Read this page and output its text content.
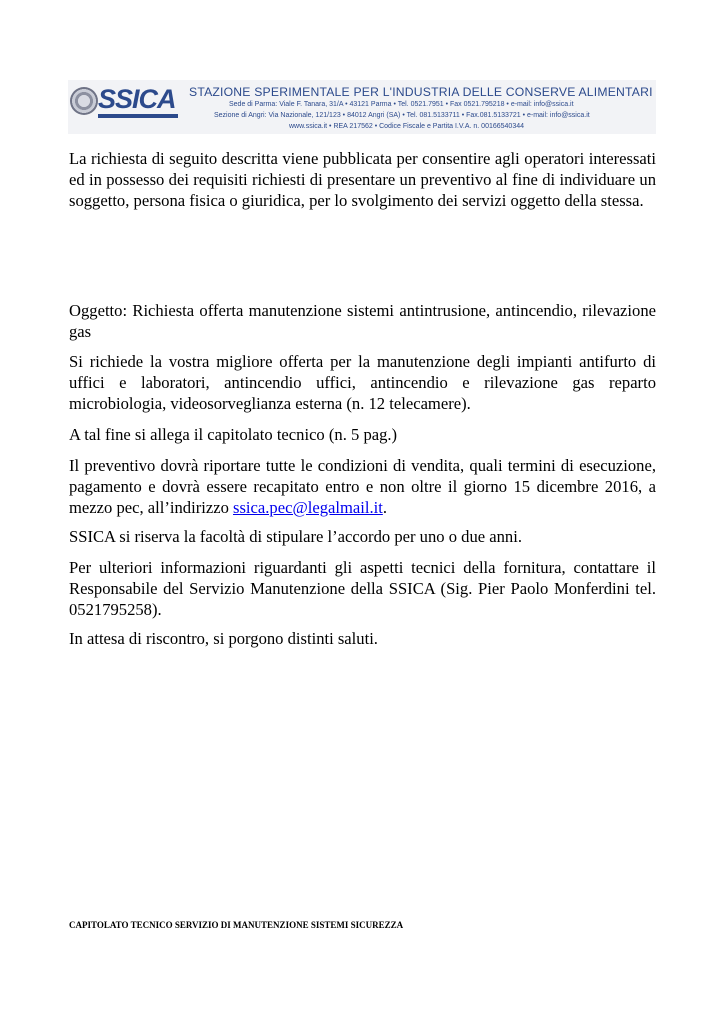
SSICA STAZIONE SPERIMENTALE PER L'INDUSTRIA DELLE CONSERVE ALIMENTARI
Sede di Parma: Viale F. Tanara, 31/A • 43121 Parma • Tel. 0521.7951 • Fax 0521.795218 • e-mail: info@ssica.it
Sezione di Angri: Via Nazionale, 121/123 • 84012 Angri (SA) • Tel. 081.5133711 • Fax.081.5133721 • e-mail: info@ssica.it
www.ssica.it • REA 217562 • Codice Fiscale e Partita I.V.A. n. 00166540344

La richiesta di seguito descritta viene pubblicata per consentire agli operatori interessati ed in possesso dei requisiti richiesti di presentare un preventivo al fine di individuare un soggetto, persona fisica o giuridica, per lo svolgimento dei servizi oggetto della stessa.

Oggetto: Richiesta offerta manutenzione sistemi antintrusione, antincendio, rilevazione gas

Si richiede la vostra migliore offerta per la manutenzione degli impianti antifurto di uffici e laboratori, antincendio uffici, antincendio e rilevazione gas reparto microbiologia, videosorveglianza esterna (n. 12 telecamere).

A tal fine si allega il capitolato tecnico (n. 5 pag.)

Il preventivo dovrà riportare tutte le condizioni di vendita, quali termini di esecuzione, pagamento e dovrà essere recapitato entro e non oltre il giorno 15 dicembre 2016, a mezzo pec, all’indirizzo ssica.pec@legalmail.it.

SSICA si riserva la facoltà di stipulare l’accordo per uno o due anni.

Per ulteriori informazioni riguardanti gli aspetti tecnici della fornitura, contattare il Responsabile del Servizio Manutenzione della SSICA (Sig. Pier Paolo Monferdini tel. 0521795258).

In attesa di riscontro, si porgono distinti saluti.

CAPITOLATO TECNICO SERVIZIO DI MANUTENZIONE SISTEMI SICUREZZA
